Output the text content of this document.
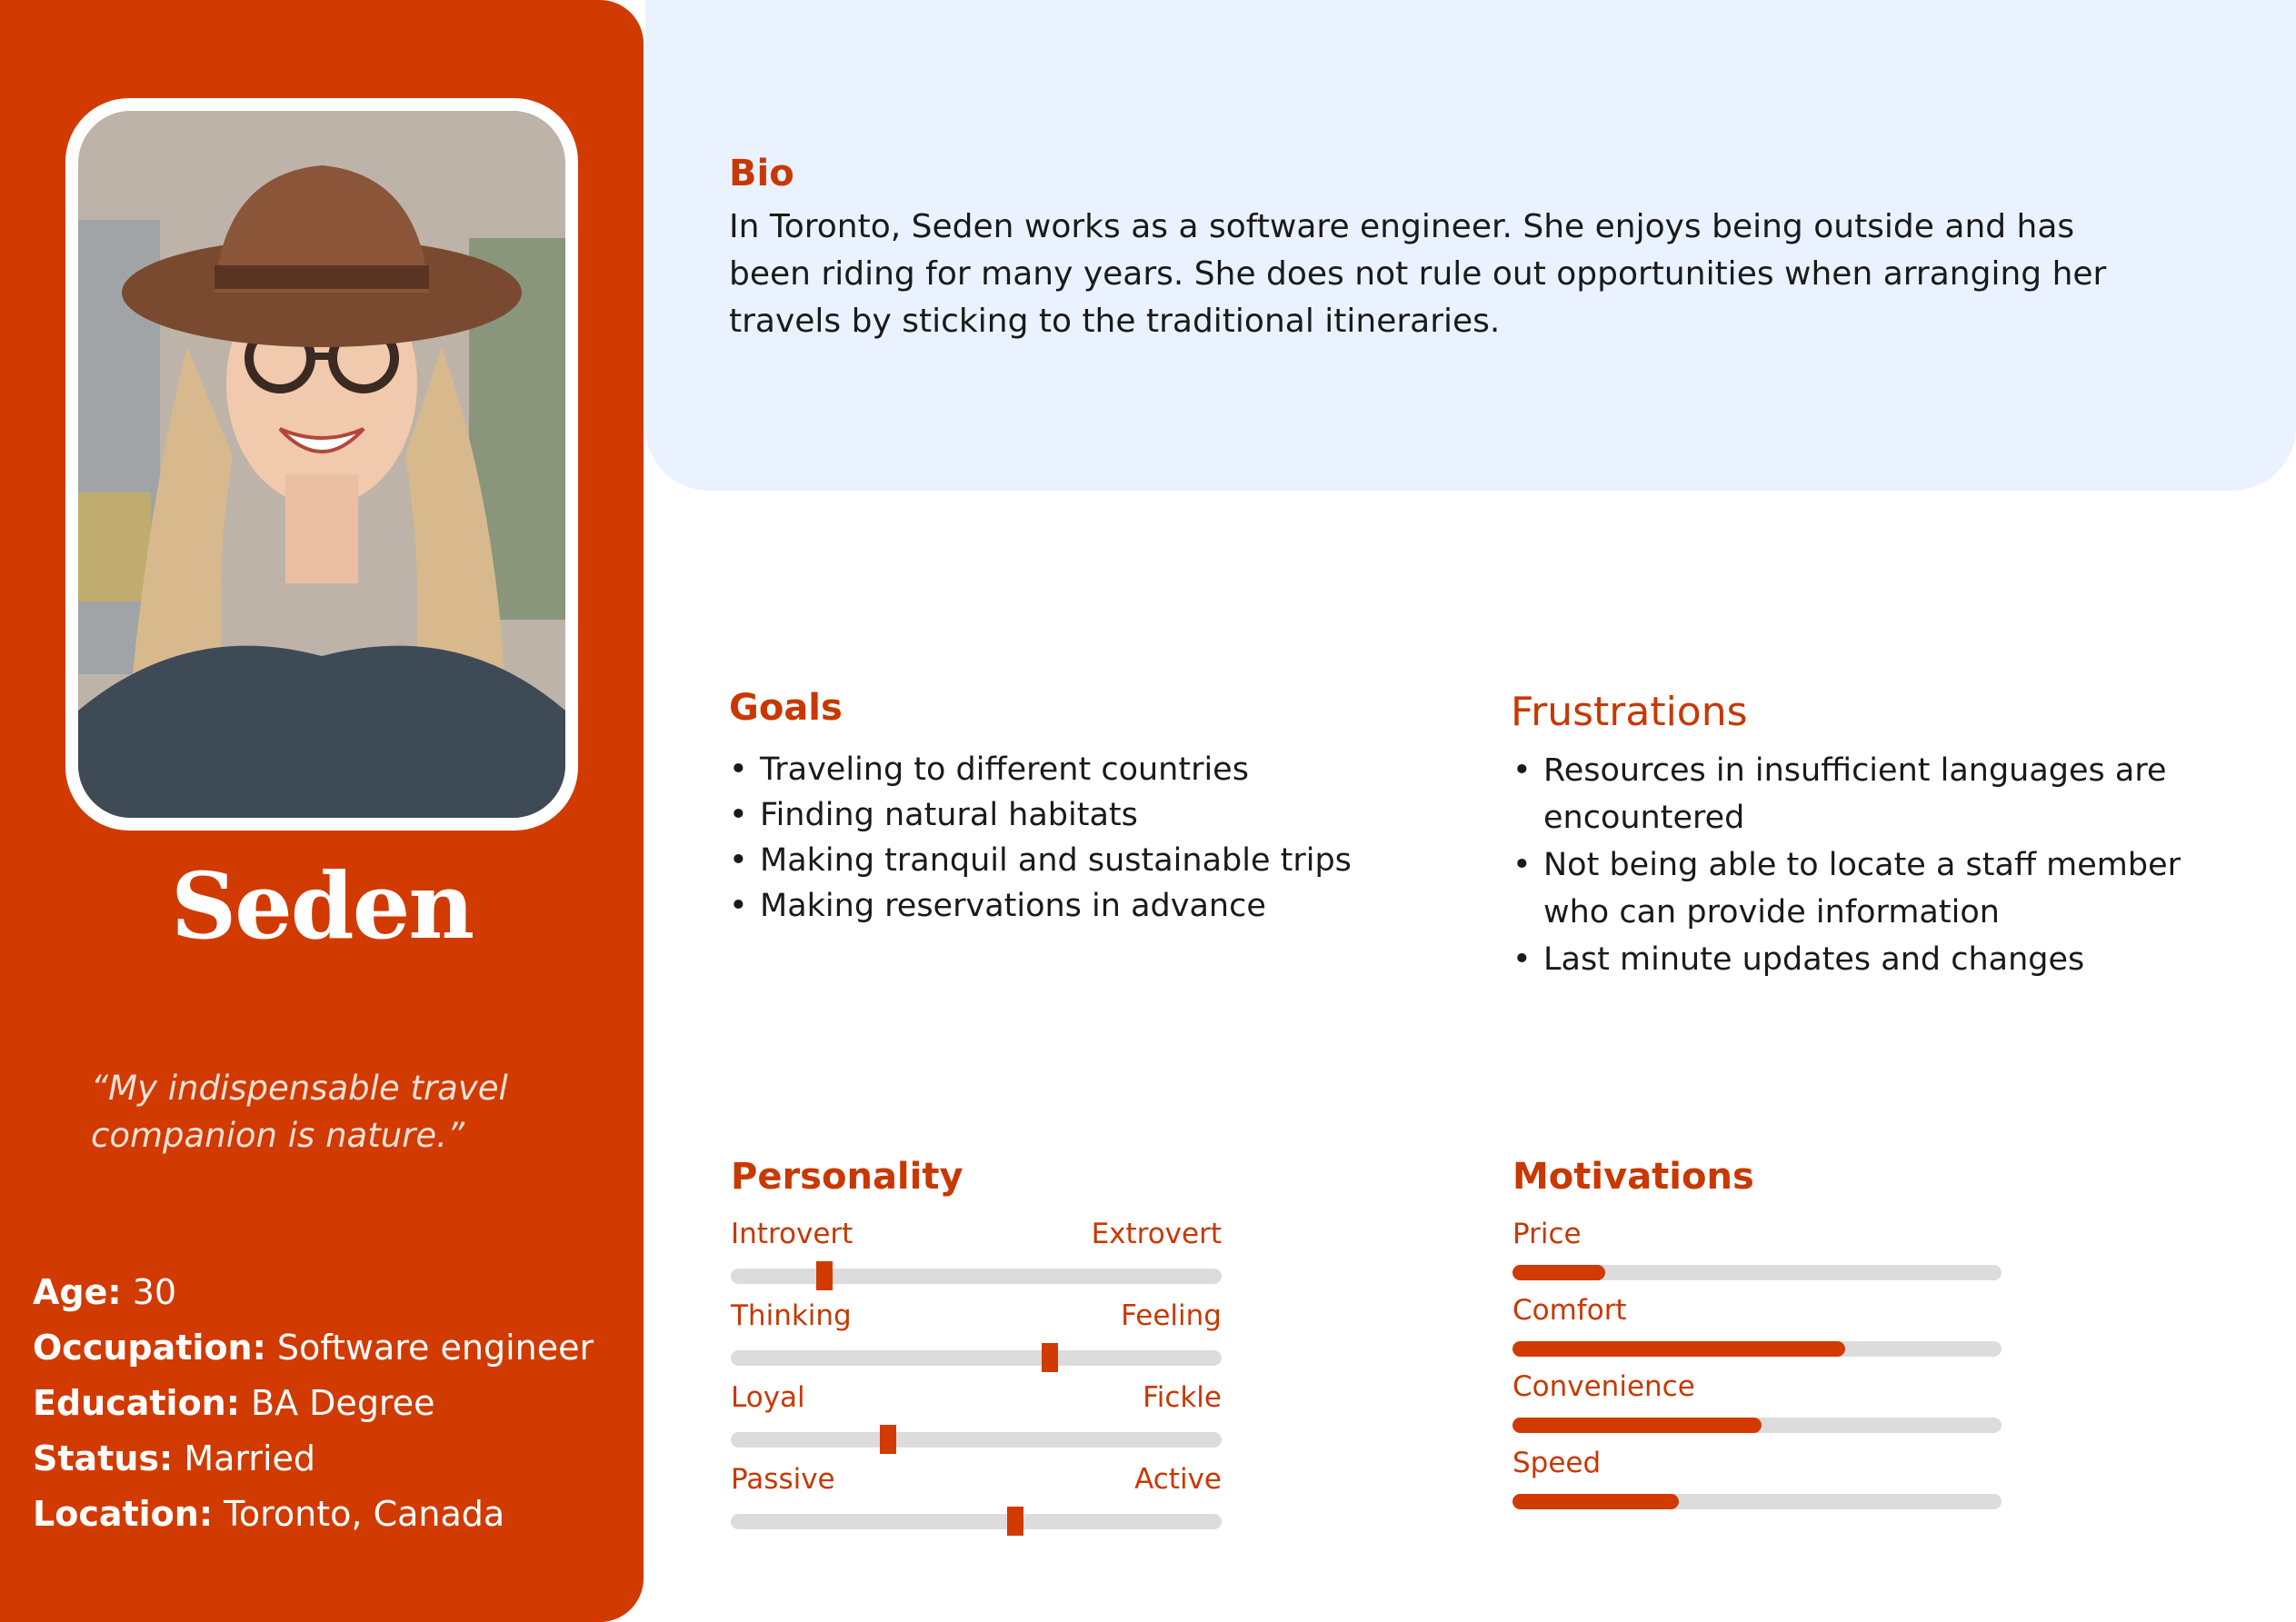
Seden
“My indispensable travel companion is nature.”
Age: 30
Occupation: Software engineer
Education: BA Degree
Status: Married
Location: Toronto, Canada
Bio
In Toronto, Seden works as a software engineer. She enjoys being outside and has been riding for many years. She does not rule out opportunities when arranging her travels by sticking to the traditional itineraries.
Goals
• Traveling to different countries
• Finding natural habitats
• Making tranquil and sustainable trips
• Making reservations in advance
Frustrations
• Resources in insufficient languages are encountered
• Not being able to locate a staff member who can provide information
• Last minute updates and changes
Personality
Introvert	Extrovert
Thinking	Feeling
Loyal	Fickle
Passive	Active
Motivations
Price
Comfort
Convenience
Speed
